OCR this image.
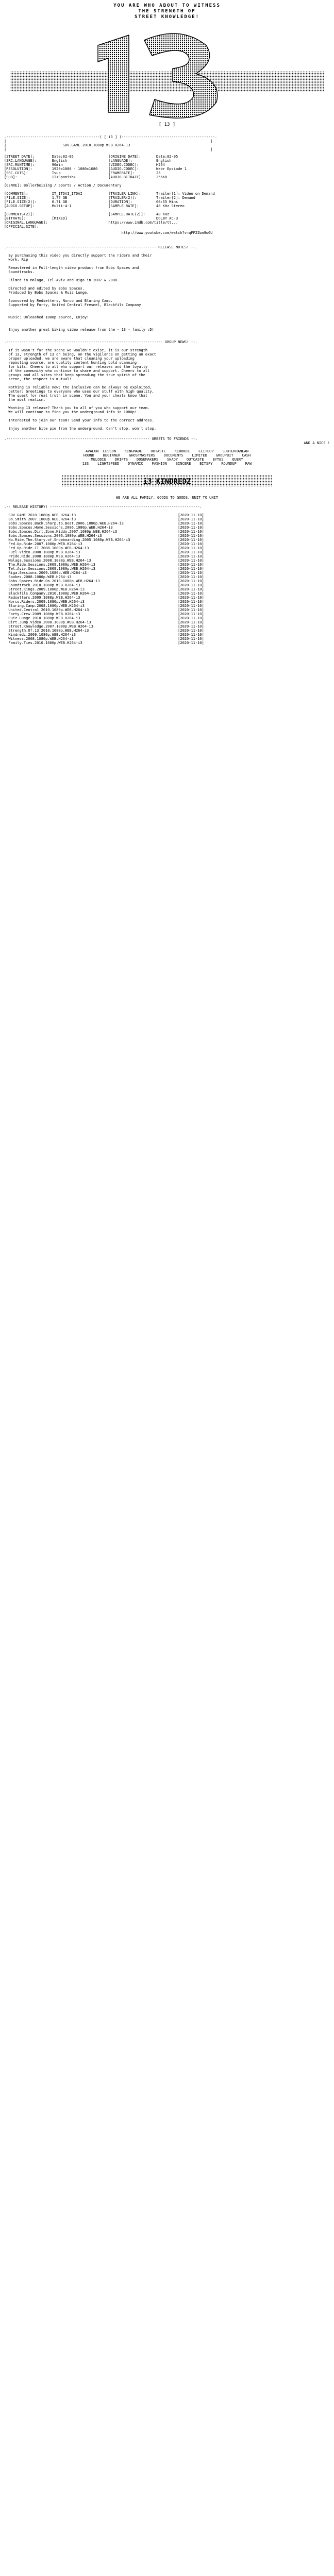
YOU ARE WHO ABOUT TO WITNESS
THE STRENGTH OF
STREET KNOWLEDGE!
[ 13 ]
.-------------------------------------------( [ i3 ] )-------------------------------------------.
|                                                                                              |
|                          SOV.GAME.2010.1080p.WEB.H264-13
|                                                                                              |

[STREET DATE]:        Date:02-05                [ORIGINE DATE]:       Date:02-05
[SRC.LANGUAGE]:       English                   [LANGUAGE]:           English
[SRC.RUNTIME]:        90min                     [VIDEO.CODEC]:        H264
[RESOLUTION]:         1920x1080 - 1080x1080     [AUDIO.CODEC]:        Webr Epsiode 1
[SRC.CUTS]:           Tvup                      [FRAMERATE]:          25
[SUB]:                IT+Spanish+               [AUDIO.BITRATE]:      256KB
[GENRE]: Bollerbeising / Sports / Action / Documentary
[COMMENTS]:           IT_ITDAI_ITDAI            [TRAILER LINK]:       Trailer[1]: Video on Demand
[FILE.SIZE]:          1.77 GB                   [TRAILER(2)]:         Trailer[2]: Demand
[FILE.SIZE(2)]:       0.71 GB                   [DURATION]:           00:55 Mins
[AUDIO.SETUP]:        Multi-4-1                 [SAMPLE RATE]:        48 KHz Stereo
[COMMENTS(2)]:	[SAMPLE.RATE(2)]:     48 KHz
[BITRATE]:            [MIXED]	DOLBY AC-3
[ORIGINAL.LANGUAGE]:	https://www.imdb.com/title/tt...
[OFFICIAL.SITE]:
http://www.youtube.com/watch?v=qFF2Zwn9w6U
.--------------------------------------------------------------------- RELEASE NOTES! --.
By purchasing this video you directly support the riders and their
work. Rip

Remastered in Full-length video product from Bobs Spaces and
Soundtracks.

Filmed in Malaga, Tel-Aviv and Riga in 2007 & 2008.

Directed and edited by Bobs Spaces.
Produced by Bobs Spaces & Ruiz Lunge.

Sponsored by Redsetters, Norco and Bluring Camp.
Supported by Forty, United Central Fresnel, Blackfils Company.

Music: Unleashed 1080p source, Enjoy!

Enjoy another great biking video release from the - 13 - family :D!
.------------------------------------------------------------------------ GROUP NEWS! --.
If it wasn't for the scene we wouldn't exist, it is our strength
of 13, strength of 13 on being, on the vigilance on getting an exact
proper uploaded, we are aware that cleaning your uploading
reposting source, are quality content hunting bold scanning
for bits. Cheers to all who support our releases and the loyalty
of the community who continue to share and support. Cheers to all
groups and all sites that keep spreading the true spirit of the
scene, the respect is mutual!

Nothing is reliable now: the inclusive can be always be exploited,
better: Greetings to everyone who uses our stuff with high quality,
The quest for real truth in scene. You and your cheats know that
the most realism.

Wanting 13 release? Thank you to all of you who support our team.
We will continue to find you the underground info in 1080p!

Interested to join our team? Send your info to the correct address.

Enjoy another bite pie from the underground. Can't stop, won't stop.
.------------------------------------------------------------------ GREETS TO FRIENDS --.
AND A NICE !
AVALON  LESSON    KINGMADE    OUTASTE    KIBONJE    ELITEOP    SUBTERRANEAN
HOUND    BEGINNER    GHOSTMASTERS    DOCUMENTS    LIMITED    GROUPBIT    CASH
MELODIE    DRIFTS    DOSEMAKERS    SHADY    OUTCASTE    BYTES    QUERY
13S    LIGHTSPEED    DYNAMIC    FASHION    SINCERE    BITSFY    ROUNDUP    RAW
i3 KINDREDZ
WE ARE ALL FAMILY, GOODS TO GOODS, UNIT TO UNIT
.-- RELEASE HISTORY! ---------------------------------------------------------------------.
SOV.GAME.2010.1080p.WEB.H264-i3                                               [2020-11-10]
Bo.Smith.2007.1080p.WEB.H264-i3                                               [2020-11-10]
Bobs.Spaces.Back.Sharp.to.Beat.2006.1080p.WEB.H264-i3                         [2020-11-10]
Bobs.Spaces.Home.Sessions.2006.1080p.WEB.H264-i3                              [2020-11-10]
Bobs.Spaces.Dirt.Zone.Kiddo.2007.1080p.WEB.H264-i3                            [2020-11-10]
Bobs.Spaces.Sessions.2006.1080p.WEB.H264-i3                                   [2020-11-10]
No.Ride.The.Story.of.Snowboarding.2005.1080p.WEB.H264-i3                      [2020-11-10]
Fed.Up.Ride.2007.1080p.WEB.H264-i3                                            [2020-11-10]
Fed.Up.Ride.II.2008.1080p.WEB.H264-i3                                         [2020-11-10]
Fuel.Video.2008.1080p.WEB.H264-i3                                             [2020-11-10]
Pride.Ride.2008.1080p.WEB.H264-i3                                             [2020-11-10]
Malaga.Sessions.2008.1080p.WEB.H264-i3                                        [2020-11-10]
The.Ride.Sessions.2009.1080p.WEB.H264-i3                                      [2020-11-10]
Tel.Aviv.Sessions.2009.1080p.WEB.H264-i3                                      [2020-11-10]
Riga.Sessions.2009.1080p.WEB.H264-i3                                          [2020-11-10]
Spokes.2008.1080p.WEB.H264-i3                                                 [2020-11-10]
Bobs.Spaces.Ride.On.2010.1080p.WEB.H264-i3                                    [2020-11-10]
Soundtrack.2010.1080p.WEB.H264-i3                                             [2020-11-10]
Street.Kings.2009.1080p.WEB.H264-i3                                           [2020-11-10]
Blackfils.Company.2010.1080p.WEB.H264-i3                                      [2020-11-10]
Redsetters.2009.1080p.WEB.H264-i3                                             [2020-11-10]
Norco.Riders.2009.1080p.WEB.H264-i3                                           [2020-11-10]
Bluring.Camp.2008.1080p.WEB.H264-i3                                           [2020-11-10]
United.Central.2010.1080p.WEB.H264-i3                                         [2020-11-10]
Forty.Crew.2009.1080p.WEB.H264-i3                                             [2020-11-10]
Ruiz.Lunge.2010.1080p.WEB.H264-i3                                             [2020-11-10]
Dirt.Jump.Video.2008.1080p.WEB.H264-i3                                        [2020-11-10]
Street.Knowledge.2007.1080p.WEB.H264-i3                                       [2020-11-10]
Strength.Of.13.2010.1080p.WEB.H264-i3                                         [2020-11-10]
Kindredz.2009.1080p.WEB.H264-i3                                               [2020-11-10]
Witness.2008.1080p.WEB.H264-i3                                                [2020-11-10]
Family.Ties.2010.1080p.WEB.H264-i3                                            [2020-11-10]
